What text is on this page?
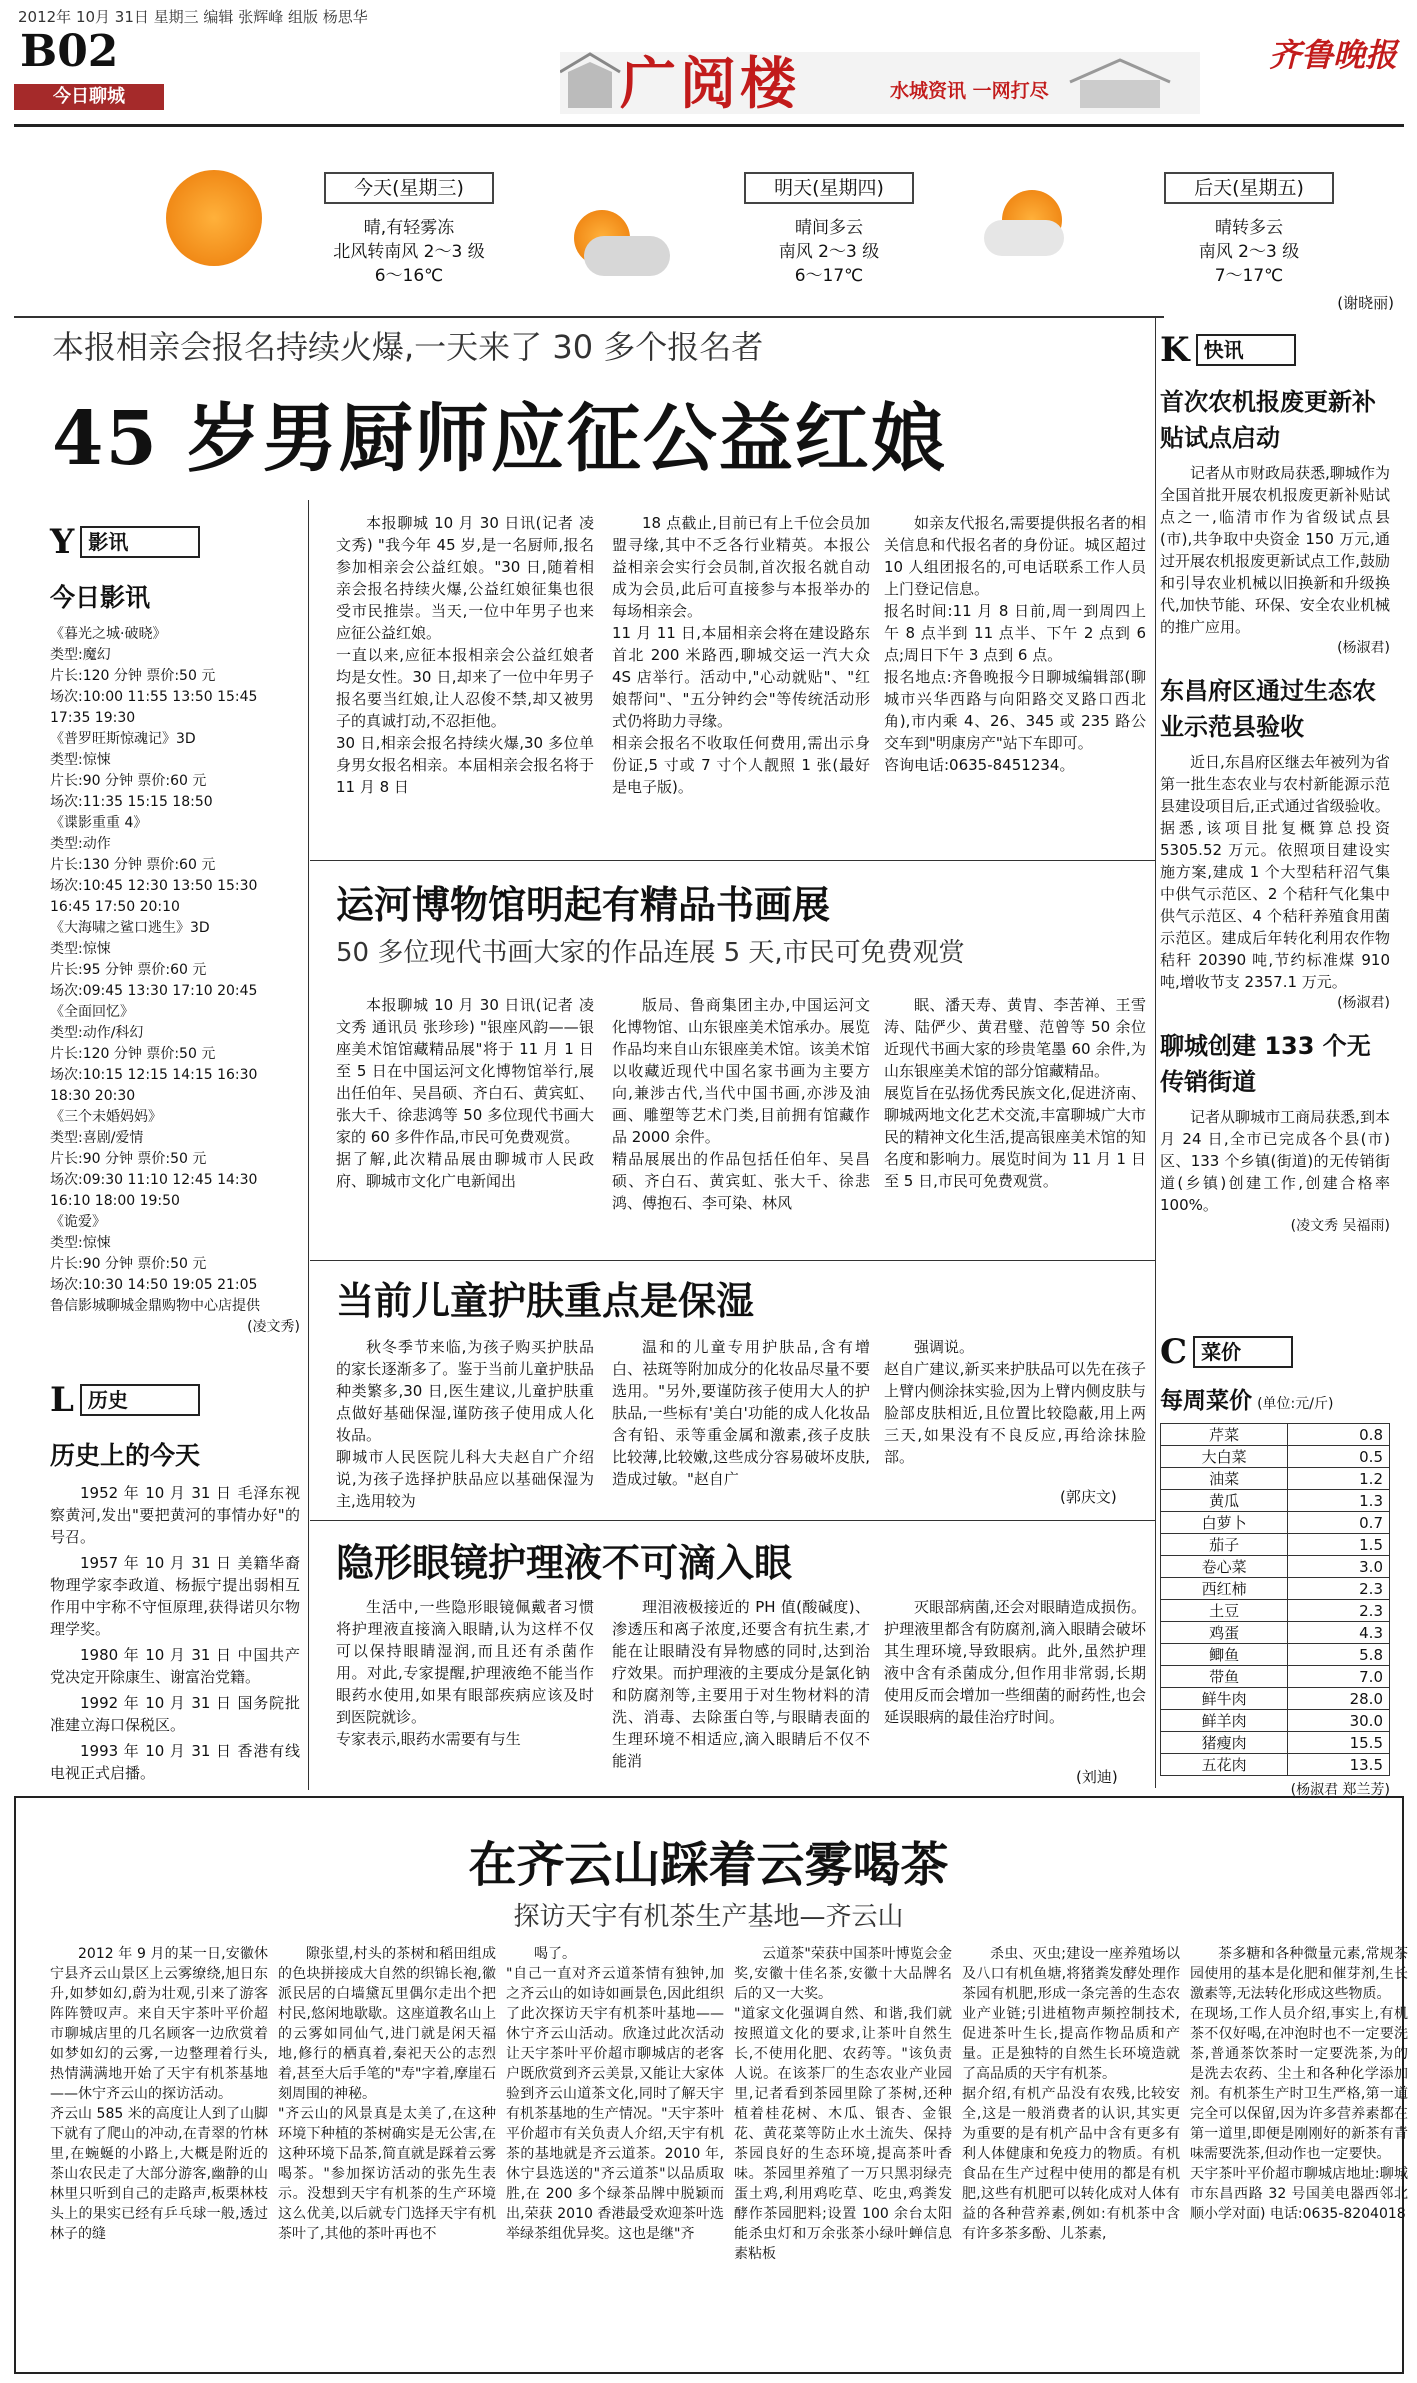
2012年 10月 31日 星期三 编辑 张辉峰 组版 杨思华
B02
今日聊城	广阅楼	水城资讯 一网打尽
齐鲁晚报
今天(星期三)
晴,有轻雾冻
北风转南风 2～3 级
6～16℃
明天(星期四)
晴间多云
南风 2～3 级
6～17℃
后天(星期五)
晴转多云
南风 2～3 级
7～17℃
(谢晓丽)
本报相亲会报名持续火爆,一天来了 30 多个报名者
45 岁男厨师应征公益红娘
本报聊城 10 月 30 日讯(记者 凌文秀) "我今年 45 岁,是一名厨师,报名参加相亲会公益红娘。"30 日,随着相亲会报名持续火爆,公益红娘征集也很受市民推崇。当天,一位中年男子也来应征公益红娘。
一直以来,应征本报相亲会公益红娘者均是女性。30 日,却来了一位中年男子报名要当红娘,让人忍俊不禁,却又被男子的真诚打动,不忍拒他。
30 日,相亲会报名持续火爆,30 多位单身男女报名相亲。本届相亲会报名将于 11 月 8 日
18 点截止,目前已有上千位会员加盟寻缘,其中不乏各行业精英。本报公益相亲会实行会员制,首次报名就自动成为会员,此后可直接参与本报举办的每场相亲会。
11 月 11 日,本届相亲会将在建设路东首北 200 米路西,聊城交运一汽大众 4S 店举行。活动中,"心动就贴"、"红娘帮问"、"五分钟约会"等传统活动形式仍将助力寻缘。
相亲会报名不收取任何费用,需出示身份证,5 寸或 7 寸个人靓照 1 张(最好是电子版)。
如亲友代报名,需要提供报名者的相关信息和代报名者的身份证。城区超过 10 人组团报名的,可电话联系工作人员上门登记信息。
报名时间:11 月 8 日前,周一到周四上午 8 点半到 11 点半、下午 2 点到 6 点;周日下午 3 点到 6 点。
报名地点:齐鲁晚报今日聊城编辑部(聊城市兴华西路与向阳路交叉路口西北角),市内乘 4、26、345 或 235 路公交车到"明康房产"站下车即可。
咨询电话:0635-8451234。
Y 影讯
今日影讯
《暮光之城·破晓》
类型:魔幻
片长:120 分钟 票价:50 元
场次:10:00 11:55 13:50 15:45 17:35 19:30
《普罗旺斯惊魂记》3D
类型:惊悚
片长:90 分钟 票价:60 元
场次:11:35 15:15 18:50
《谍影重重 4》
类型:动作
片长:130 分钟 票价:60 元
场次:10:45 12:30 13:50 15:30 16:45 17:50 20:10
《大海啸之鲨口逃生》3D
类型:惊悚
片长:95 分钟 票价:60 元
场次:09:45 13:30 17:10 20:45
《全面回忆》
类型:动作/科幻
片长:120 分钟 票价:50 元
场次:10:15 12:15 14:15 16:30 18:30 20:30
《三个未婚妈妈》
类型:喜剧/爱情
片长:90 分钟 票价:50 元
场次:09:30 11:10 12:45 14:30 16:10 18:00 19:50
《诡爱》
类型:惊悚
片长:90 分钟 票价:50 元
场次:10:30 14:50 19:05 21:05
鲁信影城聊城金鼎购物中心店提供
(凌文秀)
L 历史
历史上的今天
1952 年 10 月 31 日 毛泽东视察黄河,发出"要把黄河的事情办好"的号召。
1957 年 10 月 31 日 美籍华裔物理学家李政道、杨振宁提出弱相互作用中宇称不守恒原理,获得诺贝尔物理学奖。
1980 年 10 月 31 日 中国共产党决定开除康生、谢富治党籍。
1992 年 10 月 31 日 国务院批准建立海口保税区。
1993 年 10 月 31 日 香港有线电视正式启播。
K 快讯
首次农机报废更新补贴试点启动
记者从市财政局获悉,聊城作为全国首批开展农机报废更新补贴试点之一,临清市作为省级试点县(市),共争取中央资金 150 万元,通过开展农机报废更新试点工作,鼓励和引导农业机械以旧换新和升级换代,加快节能、环保、安全农业机械的推广应用。
(杨淑君)
东昌府区通过生态农业示范县验收
近日,东昌府区继去年被列为省第一批生态农业与农村新能源示范县建设项目后,正式通过省级验收。
据悉,该项目批复概算总投资 5305.52 万元。依照项目建设实施方案,建成 1 个大型秸秆沼气集中供气示范区、2 个秸秆气化集中供气示范区、4 个秸秆养殖食用菌示范区。建成后年转化利用农作物秸秆 20390 吨,节约标准煤 910 吨,增收节支 2357.1 万元。
(杨淑君)
聊城创建 133 个无传销街道
记者从聊城市工商局获悉,到本月 24 日,全市已完成各个县(市)区、133 个乡镇(街道)的无传销街道(乡镇)创建工作,创建合格率 100%。
(凌文秀 吴福雨)
C 菜价
每周菜价 (单位:元/斤)
芹菜	0.8
大白菜	0.5
油菜	1.2
黄瓜	1.3
白萝卜	0.7
茄子	1.5
卷心菜	3.0
西红柿	2.3
土豆	2.3
鸡蛋	4.3
鲫鱼	5.8
带鱼	7.0
鲜牛肉	28.0
鲜羊肉	30.0
猪瘦肉	15.5
五花肉	13.5
(杨淑君 郑兰芳)
运河博物馆明起有精品书画展
50 多位现代书画大家的作品连展 5 天,市民可免费观赏
本报聊城 10 月 30 日讯(记者 凌文秀 通讯员 张珍珍) "银座风韵——银座美术馆馆藏精品展"将于 11 月 1 日至 5 日在中国运河文化博物馆举行,展出任伯年、吴昌硕、齐白石、黄宾虹、张大千、徐悲鸿等 50 多位现代书画大家的 60 多件作品,市民可免费观赏。
据了解,此次精品展由聊城市人民政府、聊城市文化广电新闻出
版局、鲁商集团主办,中国运河文化博物馆、山东银座美术馆承办。展览作品均来自山东银座美术馆。该美术馆以收藏近现代中国名家书画为主要方向,兼涉古代,当代中国书画,亦涉及油画、雕塑等艺术门类,目前拥有馆藏作品 2000 余件。
精品展展出的作品包括任伯年、吴昌硕、齐白石、黄宾虹、张大千、徐悲鸿、傅抱石、李可染、林风
眠、潘天寿、黄胄、李苦禅、王雪涛、陆俨少、黄君璧、范曾等 50 余位近现代书画大家的珍贵笔墨 60 余件,为山东银座美术馆的部分馆藏精品。
展览旨在弘扬优秀民族文化,促进济南、聊城两地文化艺术交流,丰富聊城广大市民的精神文化生活,提高银座美术馆的知名度和影响力。展览时间为 11 月 1 日至 5 日,市民可免费观赏。
当前儿童护肤重点是保湿
秋冬季节来临,为孩子购买护肤品的家长逐渐多了。鉴于当前儿童护肤品种类繁多,30 日,医生建议,儿童护肤重点做好基础保湿,谨防孩子使用成人化妆品。
聊城市人民医院儿科大夫赵自广介绍说,为孩子选择护肤品应以基础保湿为主,选用较为
温和的儿童专用护肤品,含有增白、祛斑等附加成分的化妆品尽量不要选用。"另外,要谨防孩子使用大人的护肤品,一些标有'美白'功能的成人化妆品含有铅、汞等重金属和激素,孩子皮肤比较薄,比较嫩,这些成分容易破坏皮肤,造成过敏。"赵自广
强调说。
赵自广建议,新买来护肤品可以先在孩子上臂内侧涂抹实验,因为上臂内侧皮肤与脸部皮肤相近,且位置比较隐蔽,用上两三天,如果没有不良反应,再给涂抹脸部。
(郭庆文)
隐形眼镜护理液不可滴入眼
生活中,一些隐形眼镜佩戴者习惯将护理液直接滴入眼睛,认为这样不仅可以保持眼睛湿润,而且还有杀菌作用。对此,专家提醒,护理液绝不能当作眼药水使用,如果有眼部疾病应该及时到医院就诊。
专家表示,眼药水需要有与生
理泪液极接近的 PH 值(酸碱度)、渗透压和离子浓度,还要含有抗生素,才能在让眼睛没有异物感的同时,达到治疗效果。而护理液的主要成分是氯化钠和防腐剂等,主要用于对生物材料的清洗、消毒、去除蛋白等,与眼睛表面的生理环境不相适应,滴入眼睛后不仅不能消
灭眼部病菌,还会对眼睛造成损伤。护理液里都含有防腐剂,滴入眼睛会破坏其生理环境,导致眼病。此外,虽然护理液中含有杀菌成分,但作用非常弱,长期使用反而会增加一些细菌的耐药性,也会延误眼病的最佳治疗时间。
(刘迪)
在齐云山踩着云雾喝茶
探访天宇有机茶生产基地—齐云山
2012 年 9 月的某一日,安徽休宁县齐云山景区上云雾缭绕,旭日东升,如梦如幻,蔚为壮观,引来了游客阵阵赞叹声。来自天宇茶叶平价超市聊城店里的几名顾客一边欣赏着如梦如幻的云雾,一边整理着行头,热情满满地开始了天宇有机茶基地——休宁齐云山的探访活动。
齐云山 585 米的高度让人到了山脚下就有了爬山的冲动,在青翠的竹林里,在蜿蜒的小路上,大概是附近的茶山农民走了大部分游客,幽静的山林里只听到自己的走路声,板栗林枝头上的果实已经有乒乓球一般,透过林子的缝
隙张望,村头的茶树和稻田组成的色块拼接成大自然的织锦长袍,徽派民居的白墙黛瓦里偶尔走出个把村民,悠闲地歇歇。这座道教名山上的云雾如同仙气,进门就是闲天福地,修行的栖真着,秦祀天公的志烈着,甚至大后手笔的"寿"字着,摩崖石刻周围的神秘。
"齐云山的风景真是太美了,在这种环境下种植的茶树确实是无公害,在这种环境下品茶,简直就是踩着云雾喝茶。"参加探访活动的张先生表示。没想到天宇有机茶的生产环境这么优美,以后就专门选择天宇有机茶叶了,其他的茶叶再也不
喝了。
"自己一直对齐云道茶情有独钟,加之齐云山的如诗如画景色,因此组织了此次探访天宇有机茶叶基地——休宁齐云山活动。欣逢过此次活动让天宇茶叶平价超市聊城店的老客户既欣赏到齐云美景,又能让大家体验到齐云山道茶文化,同时了解天宇有机茶基地的生产情况。"天宇茶叶平价超市有关负责人介绍,天宇有机茶的基地就是齐云道茶。2010 年,休宁县选送的"齐云道茶"以品质取胜,在 200 多个绿茶品牌中脱颖而出,荣获 2010 香港最受欢迎茶叶选举绿茶组优异奖。这也是继"齐
云道茶"荣获中国茶叶博览会金奖,安徽十佳名茶,安徽十大品牌名后的又一大奖。
"道家文化强调自然、和谐,我们就按照道文化的要求,让茶叶自然生长,不使用化肥、农药等。"该负责人说。在该茶厂的生态农业产业园里,记者看到茶园里除了茶树,还种植着桂花树、木瓜、银杏、金银花、黄花菜等防止水土流失、保持茶园良好的生态环境,提高茶叶香味。茶园里养殖了一万只黑羽绿壳蛋土鸡,利用鸡吃草、吃虫,鸡粪发酵作茶园肥料;设置 100 余台太阳能杀虫灯和万余张茶小绿叶蝉信息素粘板
杀虫、灭虫;建设一座养殖场以及八口有机鱼塘,将猪粪发酵处理作茶园有机肥,形成一条完善的生态农业产业链;引进植物声频控制技术,促进茶叶生长,提高作物品质和产量。正是独特的自然生长环境造就了高品质的天宇有机茶。
据介绍,有机产品没有农残,比较安全,这是一般消费者的认识,其实更为重要的是有机产品中含有更多有利人体健康和免疫力的物质。有机食品在生产过程中使用的都是有机肥,这些有机肥可以转化成对人体有益的各种营养素,例如:有机茶中含有许多茶多酚、儿茶素,
茶多糖和各种微量元素,常规茶园使用的基本是化肥和催芽剂,生长激素等,无法转化形成这些物质。
在现场,工作人员介绍,事实上,有机茶不仅好喝,在冲泡时也不一定要洗茶,普通茶饮茶时一定要洗茶,为的是洗去农药、尘土和各种化学添加剂。有机茶生产时卫生严格,第一道完全可以保留,因为许多营养素都在第一道里,即便是刚刚好的新茶有青味需要洗茶,但动作也一定要快。
天宇茶叶平价超市聊城店地址:聊城市东昌西路 32 号国美电器西邻北顺小学对面) 电话:0635-8204018
